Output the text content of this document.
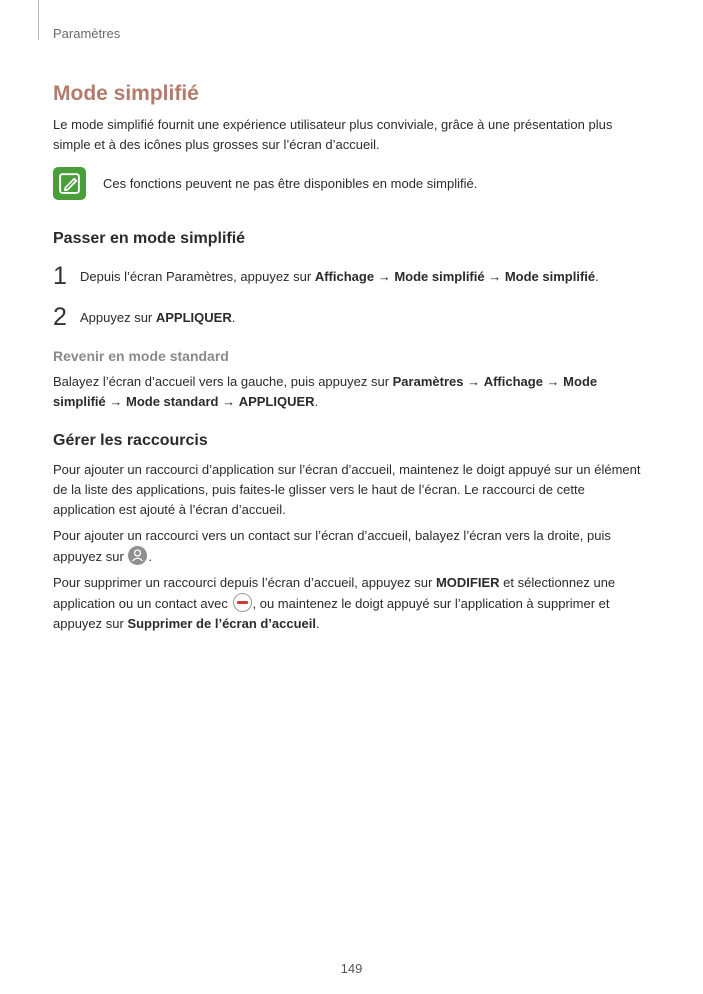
Paramètres
Mode simplifié

Le mode simplifié fournit une expérience utilisateur plus conviviale, grâce à une présentation plus simple et à des icônes plus grosses sur l’écran d’accueil.

Ces fonctions peuvent ne pas être disponibles en mode simplifié.
Passer en mode simplifié
1	Depuis l’écran Paramètres, appuyez sur Affichage → Mode simplifié → Mode simplifié.
2	Appuyez sur APPLIQUER.
Revenir en mode standard

Balayez l’écran d’accueil vers la gauche, puis appuyez sur Paramètres → Affichage → Mode simplifié → Mode standard → APPLIQUER.

Gérer les raccourcis

Pour ajouter un raccourci d’application sur l’écran d’accueil, maintenez le doigt appuyé sur un élément de la liste des applications, puis faites-le glisser vers le haut de l’écran. Le raccourci de cette application est ajouté à l’écran d’accueil.

Pour ajouter un raccourci vers un contact sur l’écran d’accueil, balayez l’écran vers la droite, puis appuyez sur .

Pour supprimer un raccourci depuis l’écran d’accueil, appuyez sur MODIFIER et sélectionnez une application ou un contact avec , ou maintenez le doigt appuyé sur l’application à supprimer et appuyez sur Supprimer de l’écran d’accueil.

149
